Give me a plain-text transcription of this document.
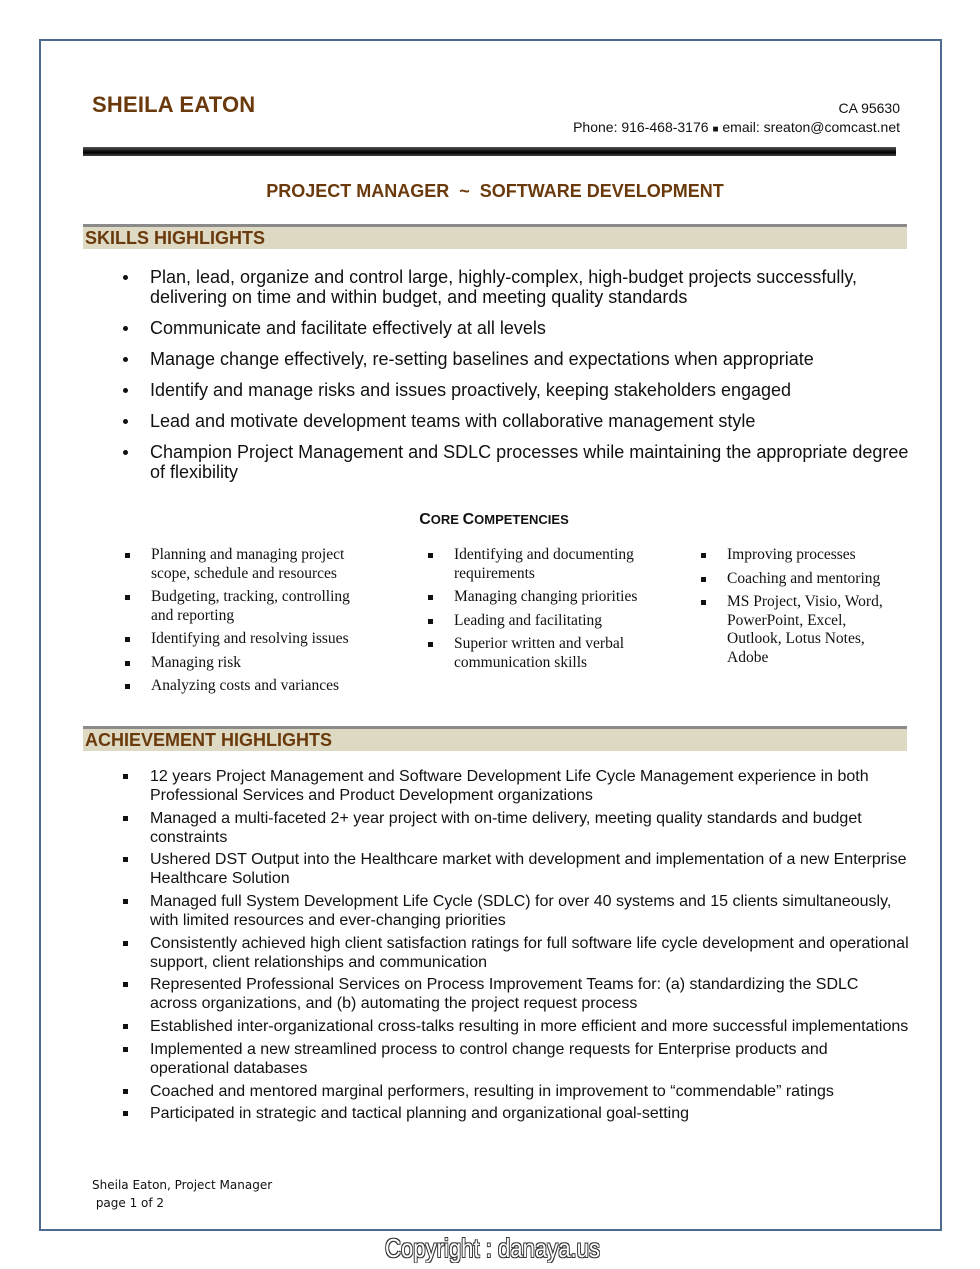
SHEILA EATON	CA 95630
Phone: 916-468-3176 ■ email: sreaton@comcast.net
PROJECT MANAGER  ~  SOFTWARE DEVELOPMENT
SKILLS HIGHLIGHTS
Plan, lead, organize and control large, highly-complex, high-budget projects successfully, delivering on time and within budget, and meeting quality standards
Communicate and facilitate effectively at all levels
Manage change effectively, re-setting baselines and expectations when appropriate
Identify and manage risks and issues proactively, keeping stakeholders engaged
Lead and motivate development teams with collaborative management style
Champion Project Management and SDLC processes while maintaining the appropriate degree of flexibility
CORE COMPETENCIES
Planning and managing project scope, schedule and resources
Budgeting, tracking, controlling and reporting
Identifying and resolving issues
Managing risk
Analyzing costs and variances
Identifying and documenting requirements
Managing changing priorities
Leading and facilitating
Superior written and verbal communication skills
Improving processes
Coaching and mentoring
MS Project, Visio, Word, PowerPoint, Excel, Outlook, Lotus Notes, Adobe
ACHIEVEMENT HIGHLIGHTS
12 years Project Management and Software Development Life Cycle Management experience in both Professional Services and Product Development organizations
Managed a multi-faceted 2+ year project with on-time delivery, meeting quality standards and budget constraints
Ushered DST Output into the Healthcare market with development and implementation of a new Enterprise Healthcare Solution
Managed full System Development Life Cycle (SDLC) for over 40 systems and 15 clients simultaneously, with limited resources and ever-changing priorities
Consistently achieved high client satisfaction ratings for full software life cycle development and operational support, client relationships and communication
Represented Professional Services on Process Improvement Teams for: (a) standardizing the SDLC across organizations, and (b) automating the project request process
Established inter-organizational cross-talks resulting in more efficient and more successful implementations
Implemented a new streamlined process to control change requests for Enterprise products and operational databases
Coached and mentored marginal performers, resulting in improvement to “commendable” ratings
Participated in strategic and tactical planning and organizational goal-setting
Sheila Eaton, Project Manager
page 1 of 2
Copyright : danaya.us
